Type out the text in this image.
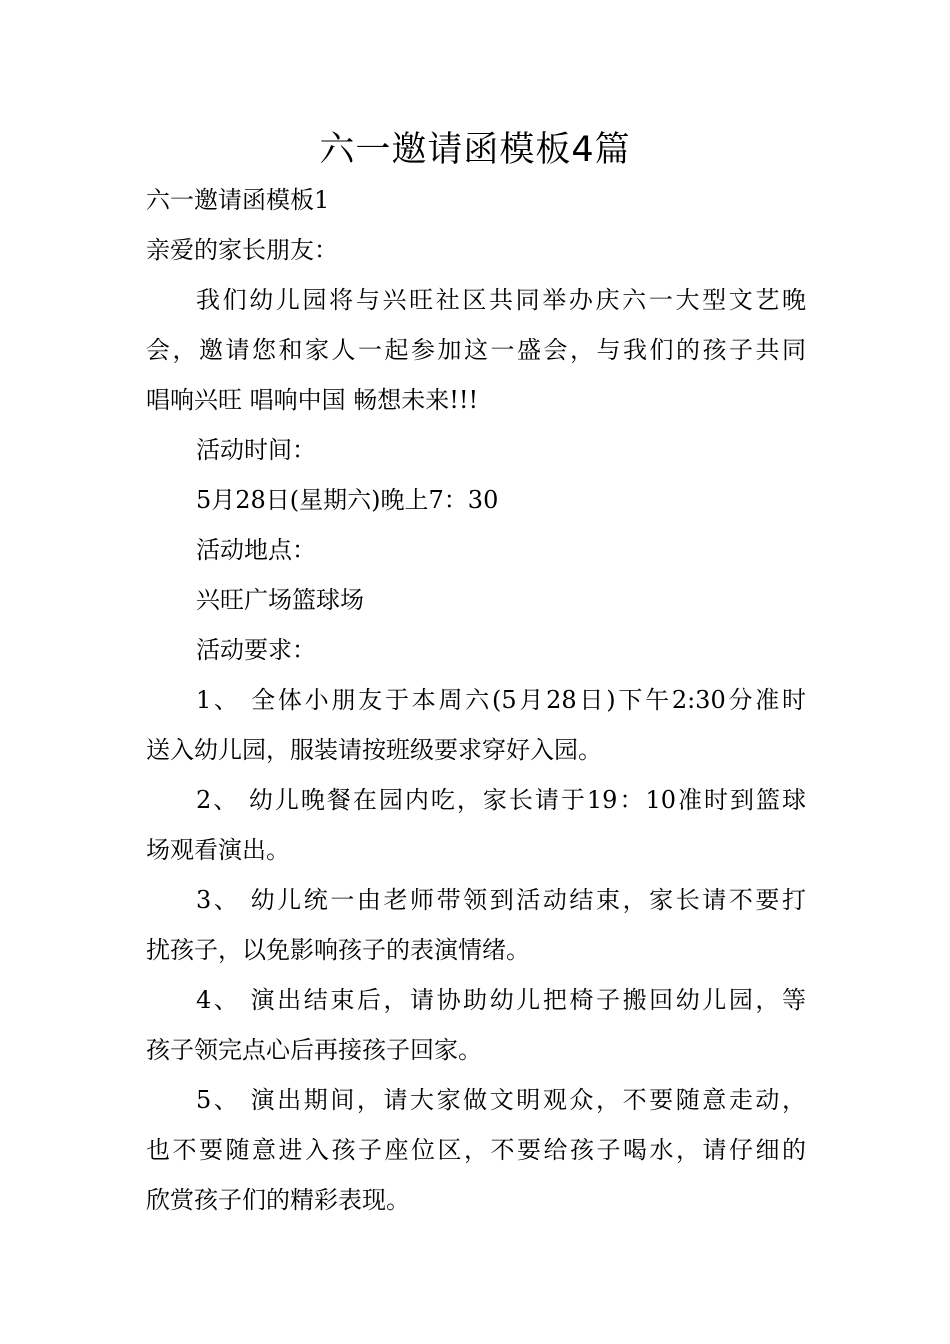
六一邀请函模板4篇
六一邀请函模板1
亲爱的家长朋友：
我们幼儿园将与兴旺社区共同举办庆六一大型文艺晚
会，邀请您和家人一起参加这一盛会，与我们的孩子共同
唱响兴旺 唱响中国 畅想未来!!!
活动时间：
5月28日(星期六)晚上7：30
活动地点：
兴旺广场篮球场
活动要求：
1、 全体小朋友于本周六(5月28日)下午2:30分准时
送入幼儿园，服装请按班级要求穿好入园。
2、 幼儿晚餐在园内吃，家长请于19：10准时到篮球
场观看演出。
3、 幼儿统一由老师带领到活动结束，家长请不要打
扰孩子，以免影响孩子的表演情绪。
4、 演出结束后，请协助幼儿把椅子搬回幼儿园，等
孩子领完点心后再接孩子回家。
5、 演出期间，请大家做文明观众，不要随意走动，
也不要随意进入孩子座位区，不要给孩子喝水，请仔细的
欣赏孩子们的精彩表现。
